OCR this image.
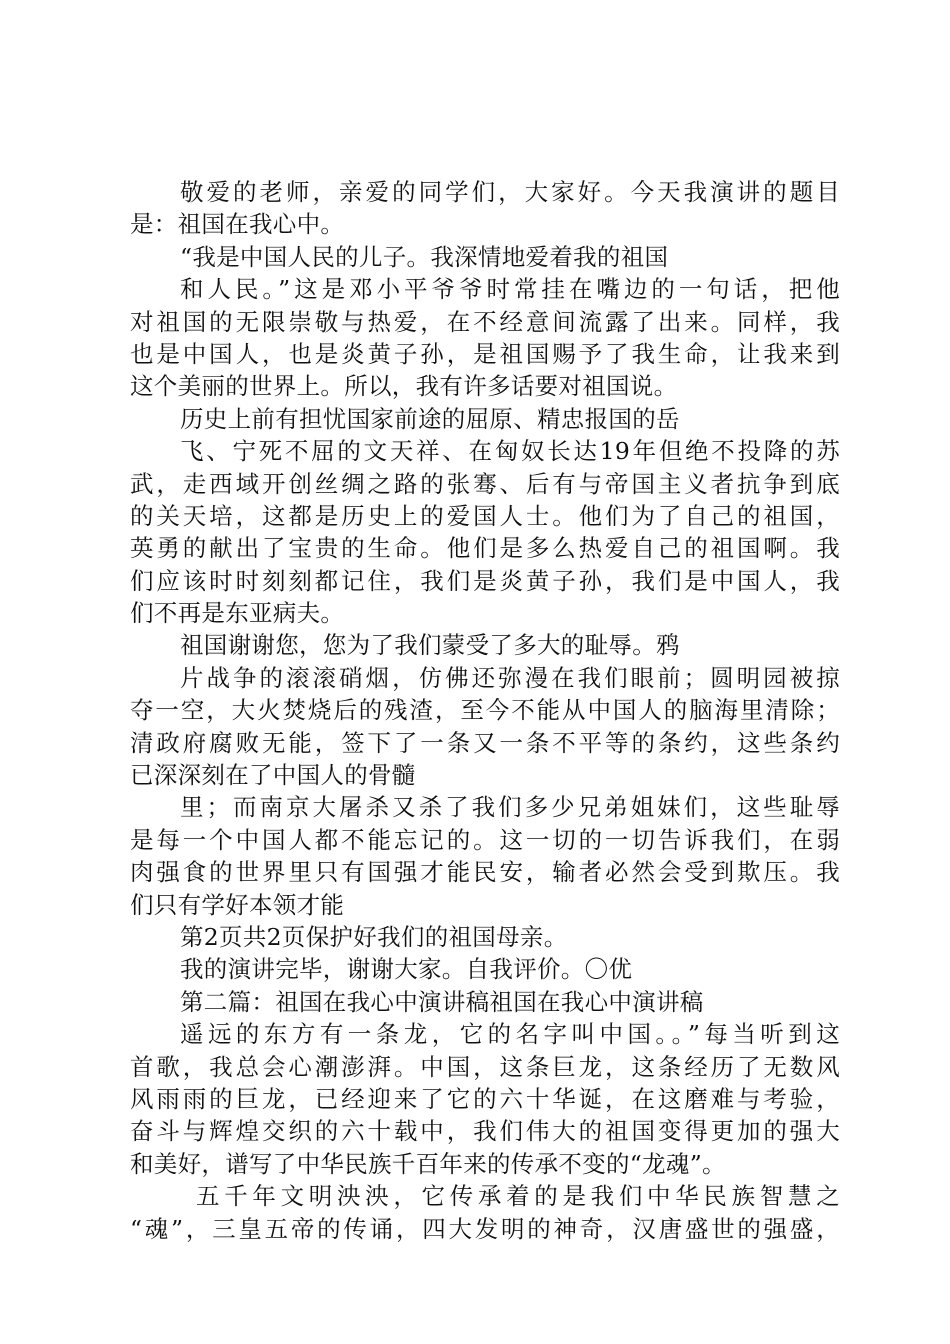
敬爱的老师，亲爱的同学们，大家好。今天我演讲的题目
是：祖国在我心中。
“我是中国人民的儿子。我深情地爱着我的祖国
和人民。”这是邓小平爷爷时常挂在嘴边的一句话，把他
对祖国的无限崇敬与热爱，在不经意间流露了出来。同样，我
也是中国人，也是炎黄子孙，是祖国赐予了我生命，让我来到
这个美丽的世界上。所以，我有许多话要对祖国说。
历史上前有担忧国家前途的屈原、精忠报国的岳
飞、宁死不屈的文天祥、在匈奴长达19年但绝不投降的苏
武，走西域开创丝绸之路的张骞、后有与帝国主义者抗争到底
的关天培，这都是历史上的爱国人士。他们为了自己的祖国，
英勇的献出了宝贵的生命。他们是多么热爱自己的祖国啊。我
们应该时时刻刻都记住，我们是炎黄子孙，我们是中国人，我
们不再是东亚病夫。
祖国谢谢您，您为了我们蒙受了多大的耻辱。鸦
片战争的滚滚硝烟，仿佛还弥漫在我们眼前；圆明园被掠
夺一空，大火焚烧后的残渣，至今不能从中国人的脑海里清除；
清政府腐败无能，签下了一条又一条不平等的条约，这些条约
已深深刻在了中国人的骨髓
里；而南京大屠杀又杀了我们多少兄弟姐妹们，这些耻辱
是每一个中国人都不能忘记的。这一切的一切告诉我们，在弱
肉强食的世界里只有国强才能民安，输者必然会受到欺压。我
们只有学好本领才能
第2页共2页保护好我们的祖国母亲。
我的演讲完毕，谢谢大家。自我评价。〇优
第二篇：祖国在我心中演讲稿祖国在我心中演讲稿
遥远的东方有一条龙，它的名字叫中国。。”每当听到这
首歌，我总会心潮澎湃。中国，这条巨龙，这条经历了无数风
风雨雨的巨龙，已经迎来了它的六十华诞，在这磨难与考验，
奋斗与辉煌交织的六十载中，我们伟大的祖国变得更加的强大
和美好，谱写了中华民族千百年来的传承不变的“龙魂”。
五千年文明泱泱，它传承着的是我们中华民族智慧之
“魂”，三皇五帝的传诵，四大发明的神奇，汉唐盛世的强盛，
